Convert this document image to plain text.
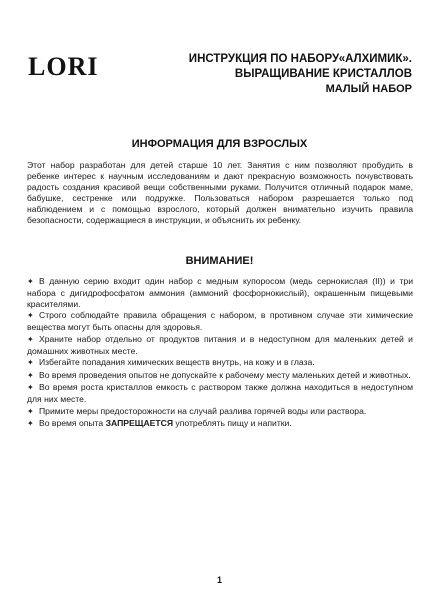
LORI	ИНСТРУКЦИЯ ПО НАБОРУ«АЛХИМИК».
ВЫРАЩИВАНИЕ КРИСТАЛЛОВ
МАЛЫЙ НАБОР
ИНФОРМАЦИЯ ДЛЯ ВЗРОСЛЫХ

Этот набор разработан для детей старше 10 лет. Занятия с ним позволяют пробудить в ребенке интерес к научным исследованиям и дают прекрасную возможность почувствовать радость создания красивой вещи собственными руками. Получится отличный подарок маме, бабушке, сестренке или подружке. Пользоваться набором разрешается только под наблюдением и с помощью взрослого, который должен внимательно изучить правила безопасности, содержащиеся в инструкции, и объяснить их ребенку.

ВНИМАНИЕ!
✦ В данную серию входит один набор с медным купоросом (медь сернокислая (II)) и три набора с дигидрофосфатом аммония (аммоний фосфорнокислый), окрашенным пищевыми красителями.
✦ Строго соблюдайте правила обращения с набором, в противном случае эти химические вещества могут быть опасны для здоровья.
✦ Храните набор отдельно от продуктов питания и в недоступном для маленьких детей и домашних животных месте.
✦ Избегайте попадания химических веществ внутрь, на кожу и в глаза.
✦ Во время проведения опытов не допускайте к рабочему месту маленьких детей и животных.
✦ Во время роста кристаллов емкость с раствором также должна находиться в недоступном для них месте.
✦ Примите меры предосторожности на случай разлива горячей воды или раствора.
✦ Во время опыта ЗАПРЕЩАЕТСЯ употреблять пищу и напитки.
1
